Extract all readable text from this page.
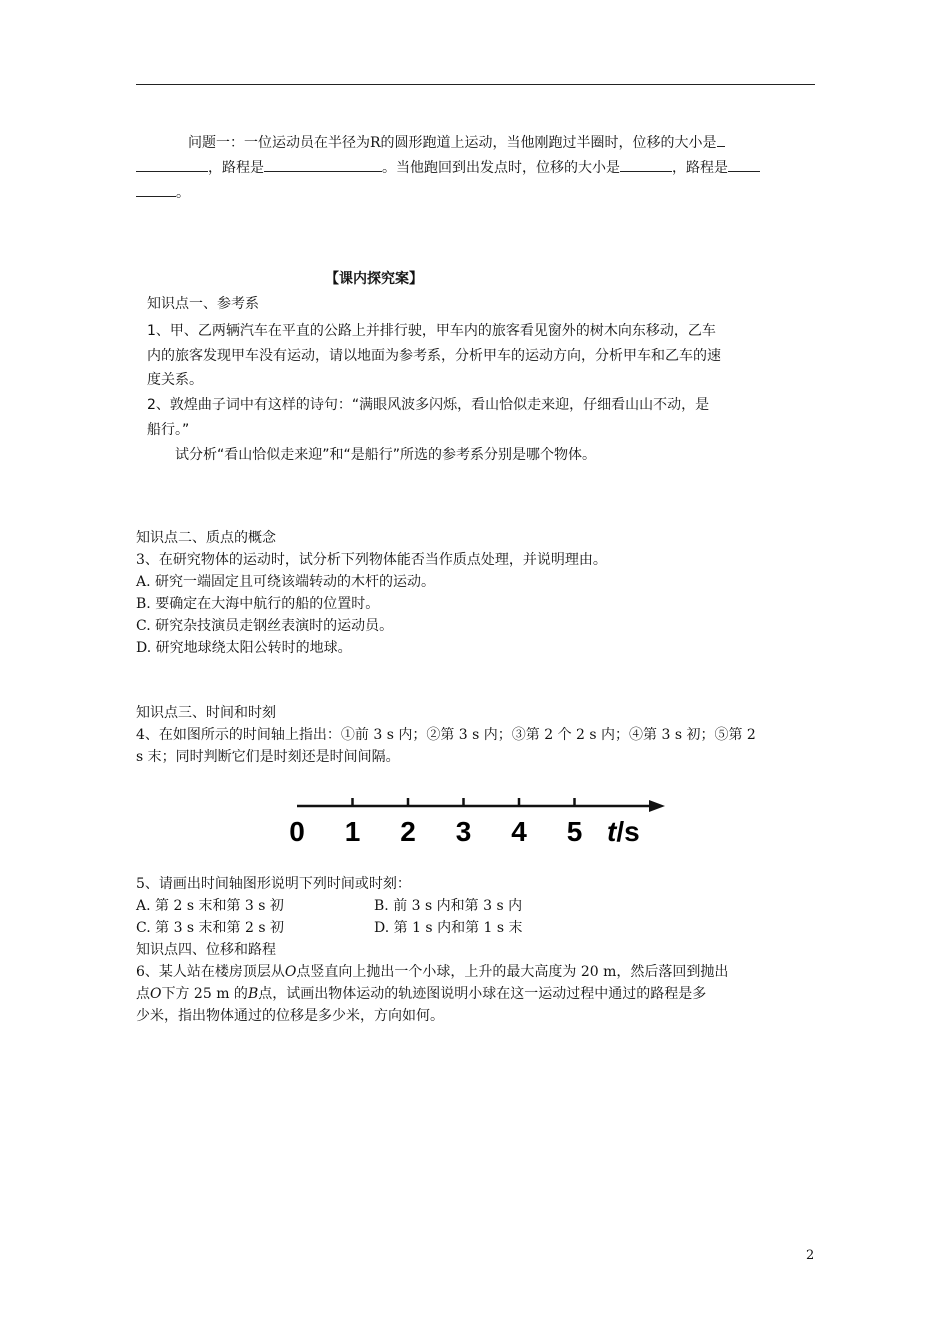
问题一：一位运动员在半径为R的圆形跑道上运动，当他刚跑过半圈时，位移的大小是
，路程是	。当他跑回到出发点时，位移的大小是	，路程是
。
【课内探究案】
知识点一、参考系
1、甲、乙两辆汽车在平直的公路上并排行驶，甲车内的旅客看见窗外的树木向东移动，乙车
内的旅客发现甲车没有运动，请以地面为参考系，分析甲车的运动方向，分析甲车和乙车的速
度关系。
2、敦煌曲子词中有这样的诗句：“满眼风波多闪烁，看山恰似走来迎，仔细看山山不动，是
船行。”
试分析“看山恰似走来迎”和“是船行”所选的参考系分别是哪个物体。
知识点二、质点的概念
3、在研究物体的运动时，试分析下列物体能否当作质点处理，并说明理由。
A. 研究一端固定且可绕该端转动的木杆的运动。
B. 要确定在大海中航行的船的位置时。
C. 研究杂技演员走钢丝表演时的运动员。
D. 研究地球绕太阳公转时的地球。
知识点三、时间和时刻
4、在如图所示的时间轴上指出：①前 3 s 内；②第 3 s 内；③第 2 个 2 s 内；④第 3 s 初；⑤第 2
s 末；同时判断它们是时刻还是时间间隔。
0 1 2 3 4 5 t/s
5、请画出时间轴图形说明下列时间或时刻：
A. 第 2 s 末和第 3 s 初	B. 前 3 s 内和第 3 s 内
C. 第 3 s 末和第 2 s 初	D. 第 1 s 内和第 1 s 末
知识点四、位移和路程
6、某人站在楼房顶层从O点竖直向上抛出一个小球，上升的最大高度为 20 m，然后落回到抛出
点O下方 25 m 的B点，试画出物体运动的轨迹图说明小球在这一运动过程中通过的路程是多
少米，指出物体通过的位移是多少米，方向如何。
2
